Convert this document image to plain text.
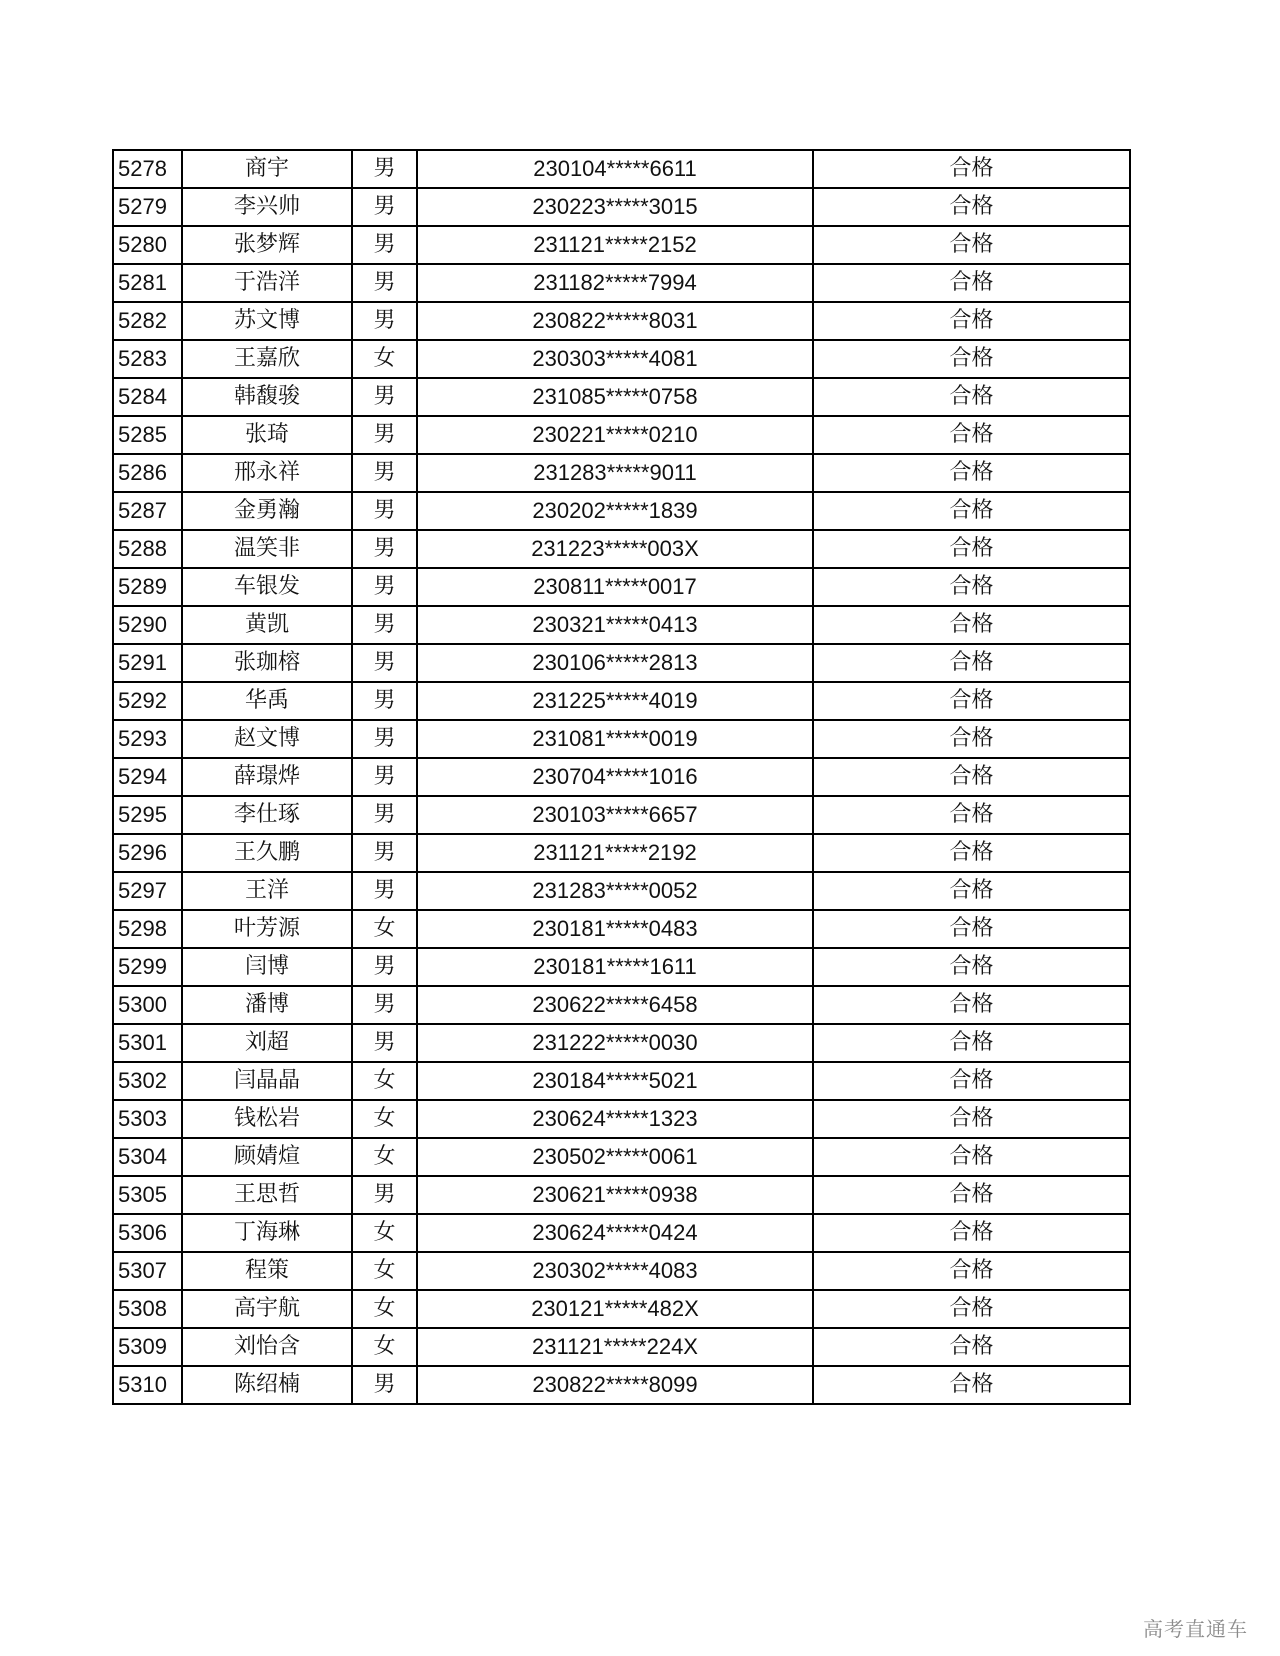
5278	商宇	男	230104*****6611	合格
5279	李兴帅	男	230223*****3015	合格
5280	张梦辉	男	231121*****2152	合格
5281	于浩洋	男	231182*****7994	合格
5282	苏文博	男	230822*****8031	合格
5283	王嘉欣	女	230303*****4081	合格
5284	韩馥骏	男	231085*****0758	合格
5285	张琦	男	230221*****0210	合格
5286	邢永祥	男	231283*****9011	合格
5287	金勇瀚	男	230202*****1839	合格
5288	温笑非	男	231223*****003X	合格
5289	车银发	男	230811*****0017	合格
5290	黄凯	男	230321*****0413	合格
5291	张珈榕	男	230106*****2813	合格
5292	华禹	男	231225*****4019	合格
5293	赵文博	男	231081*****0019	合格
5294	薛璟烨	男	230704*****1016	合格
5295	李仕琢	男	230103*****6657	合格
5296	王久鹏	男	231121*****2192	合格
5297	王洋	男	231283*****0052	合格
5298	叶芳源	女	230181*****0483	合格
5299	闫博	男	230181*****1611	合格
5300	潘博	男	230622*****6458	合格
5301	刘超	男	231222*****0030	合格
5302	闫晶晶	女	230184*****5021	合格
5303	钱松岩	女	230624*****1323	合格
5304	顾婧煊	女	230502*****0061	合格
5305	王思哲	男	230621*****0938	合格
5306	丁海琳	女	230624*****0424	合格
5307	程策	女	230302*****4083	合格
5308	高宇航	女	230121*****482X	合格
5309	刘怡含	女	231121*****224X	合格
5310	陈绍楠	男	230822*****8099	合格
高考直通车
